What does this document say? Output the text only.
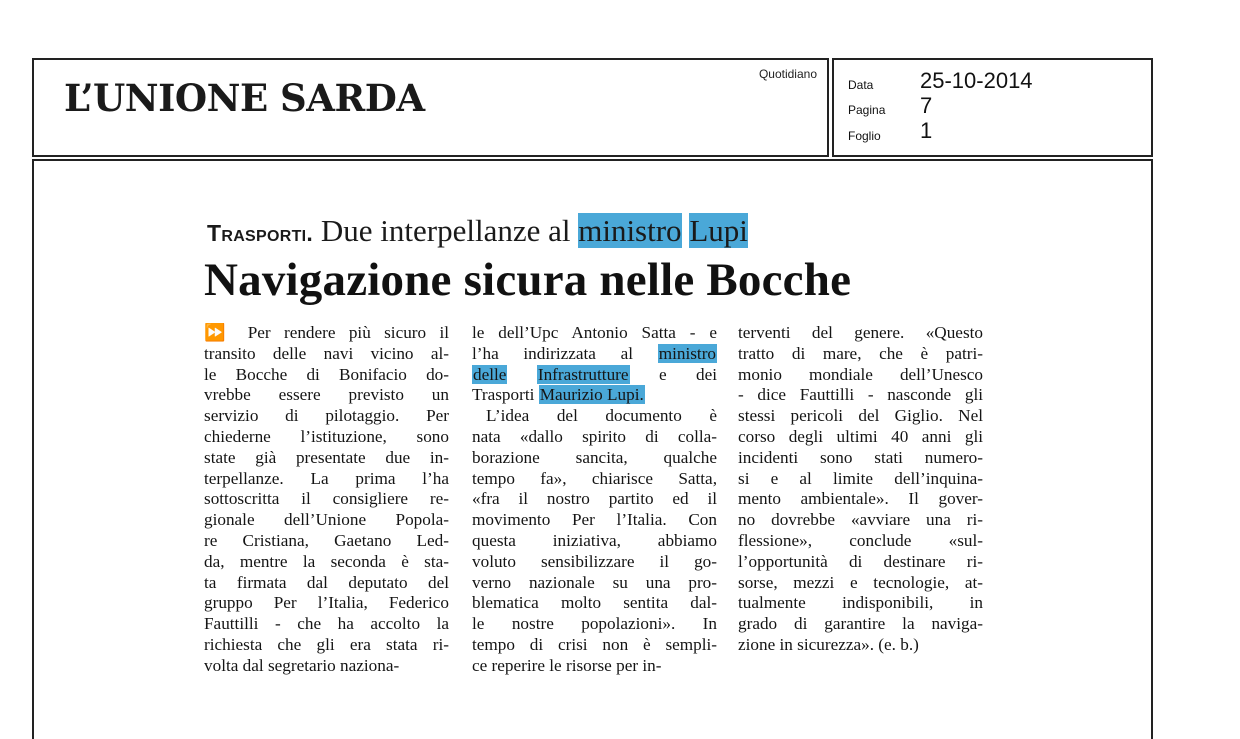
L’UNIONE SARDA
Quotidiano
Data 25-10-2014
Pagina 7
Foglio 1
Trasporti. Due interpellanze al ministro Lupi
Navigazione sicura nelle Bocche
⏩ Per rendere più sicuro il
transito delle navi vicino al-
le Bocche di Bonifacio do-
vrebbe essere previsto un
servizio di pilotaggio. Per
chiederne l’istituzione, sono
state già presentate due in-
terpellanze. La prima l’ha
sottoscritta il consigliere re-
gionale dell’Unione Popola-
re Cristiana, Gaetano Led-
da, mentre la seconda è sta-
ta firmata dal deputato del
gruppo Per l’Italia, Federico
Fauttilli - che ha accolto la
richiesta che gli era stata ri-
volta dal segretario naziona-
le dell’Upc Antonio Satta - e
l’ha indirizzata al ministro
delle Infrastrutture e dei
Trasporti Maurizio Lupi.
L’idea del documento è
nata «dallo spirito di colla-
borazione sancita, qualche
tempo fa», chiarisce Satta,
«fra il nostro partito ed il
movimento Per l’Italia. Con
questa iniziativa, abbiamo
voluto sensibilizzare il go-
verno nazionale su una pro-
blematica molto sentita dal-
le nostre popolazioni». In
tempo di crisi non è sempli-
ce reperire le risorse per in-
terventi del genere. «Questo
tratto di mare, che è patri-
monio mondiale dell’Unesco
- dice Fauttilli - nasconde gli
stessi pericoli del Giglio. Nel
corso degli ultimi 40 anni gli
incidenti sono stati numero-
si e al limite dell’inquina-
mento ambientale». Il gover-
no dovrebbe «avviare una ri-
flessione», conclude «sul-
l’opportunità di destinare ri-
sorse, mezzi e tecnologie, at-
tualmente indisponibili, in
grado di garantire la naviga-
zione in sicurezza». (e. b.)
